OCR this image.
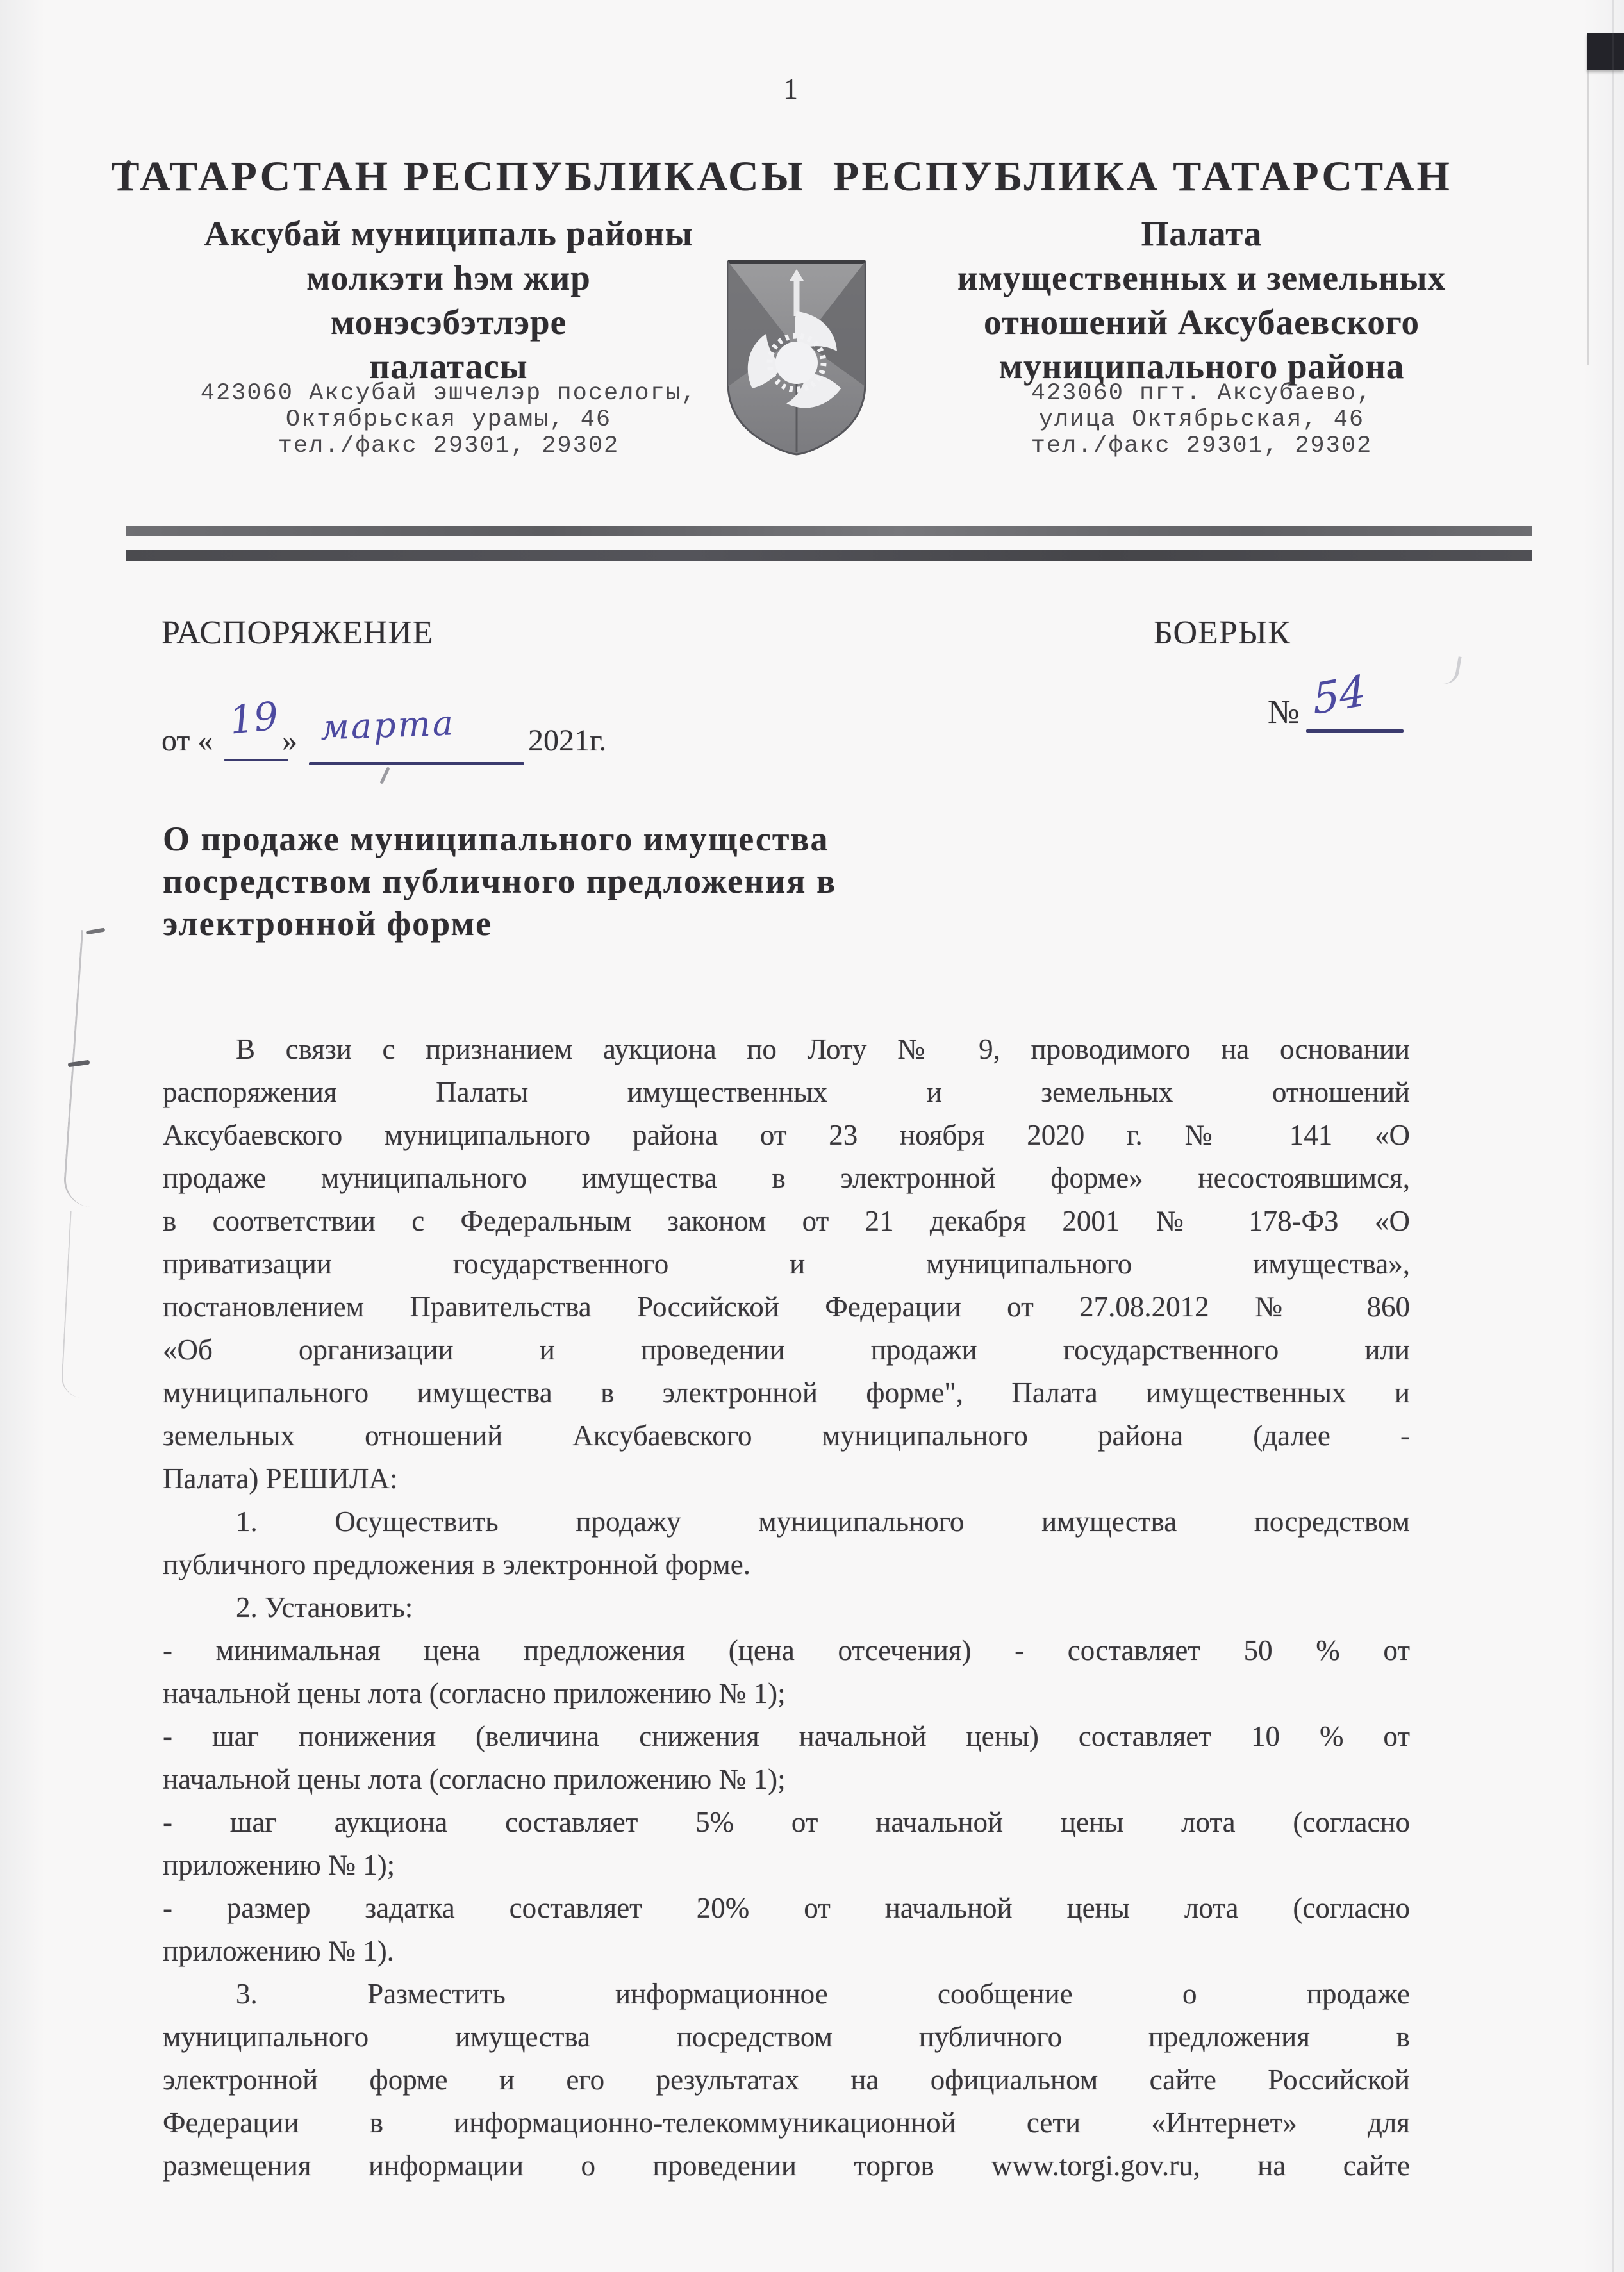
1
ТАТАРСТАН РЕСПУБЛИКАСЫ РЕСПУБЛИКА ТАТАРСТАН
Аксубай муниципаль районы
молкэти һэм жир
монэсэбэтлэре
палатасы
423060 Аксубай эшчелэр поселогы,
Октябрьская урамы, 46
тел./факс 29301, 29302
Палата
имущественных и земельных
отношений Аксубаевского
муниципального района
423060 пгт. Аксубаево,
улица Октябрьская, 46
тел./факс 29301, 29302
РАСПОРЯЖЕНИЕ	БОЕРЫК
от « 19 » марта 2021г.
№ 54
О продаже муниципального имущества
посредством публичного предложения в
электронной форме
В связи с признанием аукциона по Лоту № 9, проводимого на основании
распоряжения Палаты имущественных и земельных отношений
Аксубаевского муниципального района от 23 ноября 2020 г. № 141 «О
продаже муниципального имущества в электронной форме» несостоявшимся,
в соответствии с Федеральным законом от 21 декабря 2001 № 178-ФЗ «О
приватизации государственного и муниципального имущества»,
постановлением Правительства Российской Федерации от 27.08.2012 № 860
«Об организации и проведении продажи государственного или
муниципального имущества в электронной форме", Палата имущественных и
земельных отношений Аксубаевского муниципального района (далее -
Палата) РЕШИЛА:
1. Осуществить продажу муниципального имущества посредством
публичного предложения в электронной форме.
2. Установить:
- минимальная цена предложения (цена отсечения) - составляет 50 % от
начальной цены лота (согласно приложению № 1);
- шаг понижения (величина снижения начальной цены) составляет 10 % от
начальной цены лота (согласно приложению № 1);
- шаг аукциона составляет 5% от начальной цены лота (согласно
приложению № 1);
- размер задатка составляет 20% от начальной цены лота (согласно
приложению № 1).
3. Разместить информационное сообщение о продаже
муниципального имущества посредством публичного предложения в
электронной форме и его результатах на официальном сайте Российской
Федерации в информационно-телекоммуникационной сети «Интернет» для
размещения информации о проведении торгов www.torgi.gov.ru, на сайте
